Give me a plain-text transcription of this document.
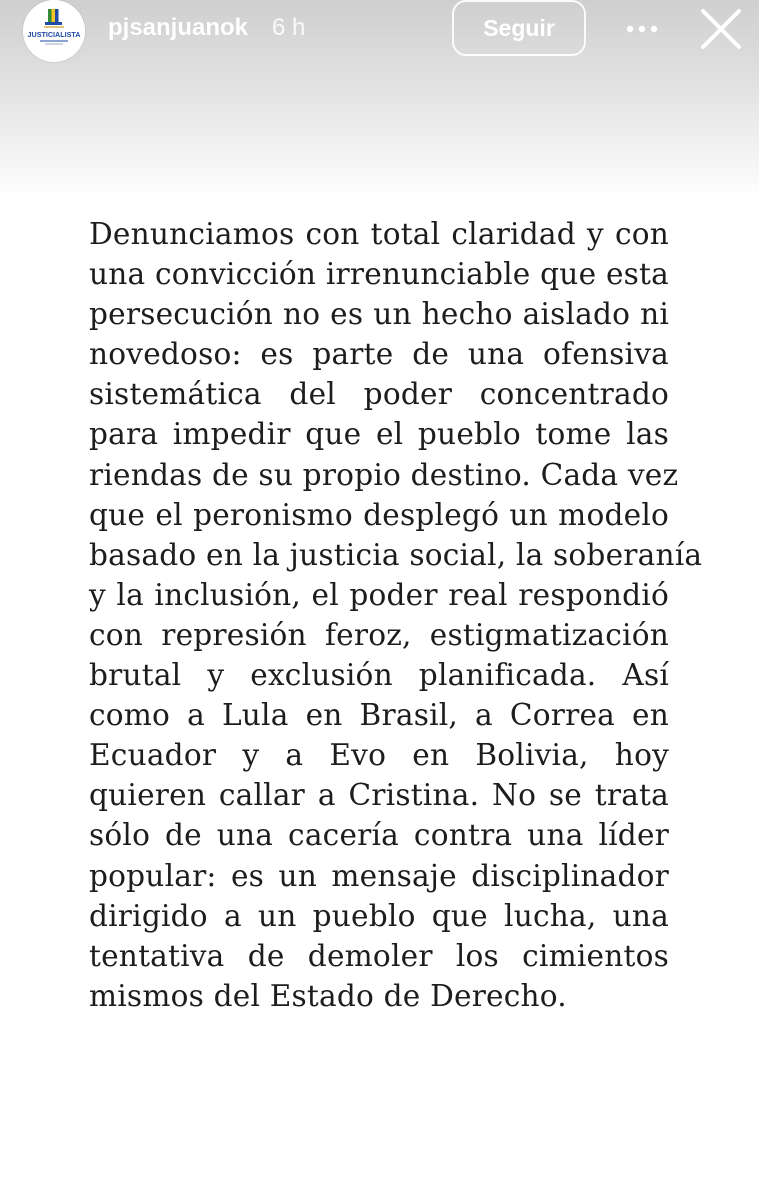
JUSTICIALISTA pjsanjuanok 6 h	Seguir
Denunciamos con total claridad y con
una convicción irrenunciable que esta
persecución no es un hecho aislado ni
novedoso: es parte de una ofensiva
sistemática del poder concentrado
para impedir que el pueblo tome las
riendas de su propio destino. Cada vez
que el peronismo desplegó un modelo
basado en la justicia social, la soberanía
y la inclusión, el poder real respondió
con represión feroz, estigmatización
brutal y exclusión planificada. Así
como a Lula en Brasil, a Correa en
Ecuador y a Evo en Bolivia, hoy
quieren callar a Cristina. No se trata
sólo de una cacería contra una líder
popular: es un mensaje disciplinador
dirigido a un pueblo que lucha, una
tentativa de demoler los cimientos
mismos del Estado de Derecho.
